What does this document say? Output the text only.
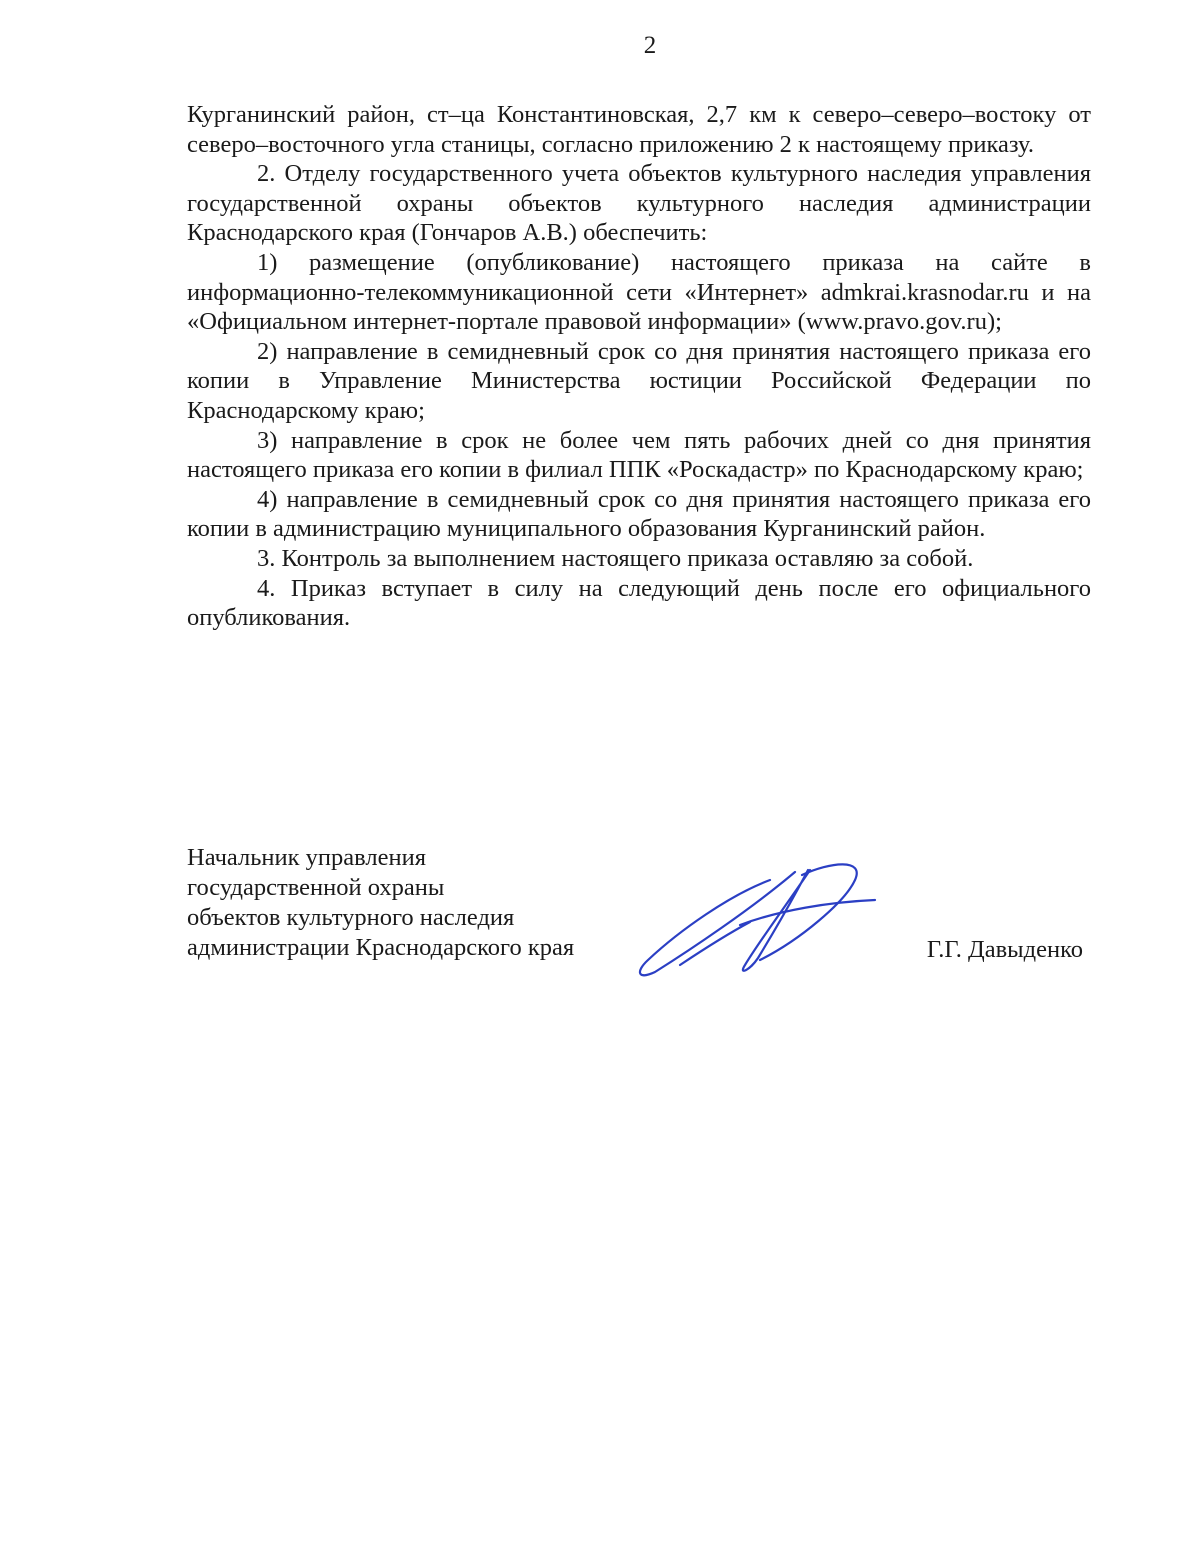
2

Курганинский район, ст–ца Константиновская, 2,7 км к северо–северо–востоку от северо–восточного угла станицы, согласно приложению 2 к настоящему приказу.

2. Отделу государственного учета объектов культурного наследия управления государственной охраны объектов культурного наследия администрации Краснодарского края (Гончаров А.В.) обеспечить:

1) размещение (опубликование) настоящего приказа на сайте в информационно-телекоммуникационной сети «Интернет» admkrai.krasnodar.ru и на «Официальном интернет-портале правовой информации» (www.pravo.gov.ru);

2) направление в семидневный срок со дня принятия настоящего приказа его копии в Управление Министерства юстиции Российской Федерации по Краснодарскому краю;

3) направление в срок не более чем пять рабочих дней со дня принятия настоящего приказа его копии в филиал ППК «Роскадастр» по Краснодарскому краю;

4) направление в семидневный срок со дня принятия настоящего приказа его копии в администрацию муниципального образования Курганинский район.

3. Контроль за выполнением настоящего приказа оставляю за собой.

4. Приказ вступает в силу на следующий день после его официального опубликования.

Начальник управления
государственной охраны
объектов культурного наследия
администрации Краснодарского края	Г.Г. Давыденко
